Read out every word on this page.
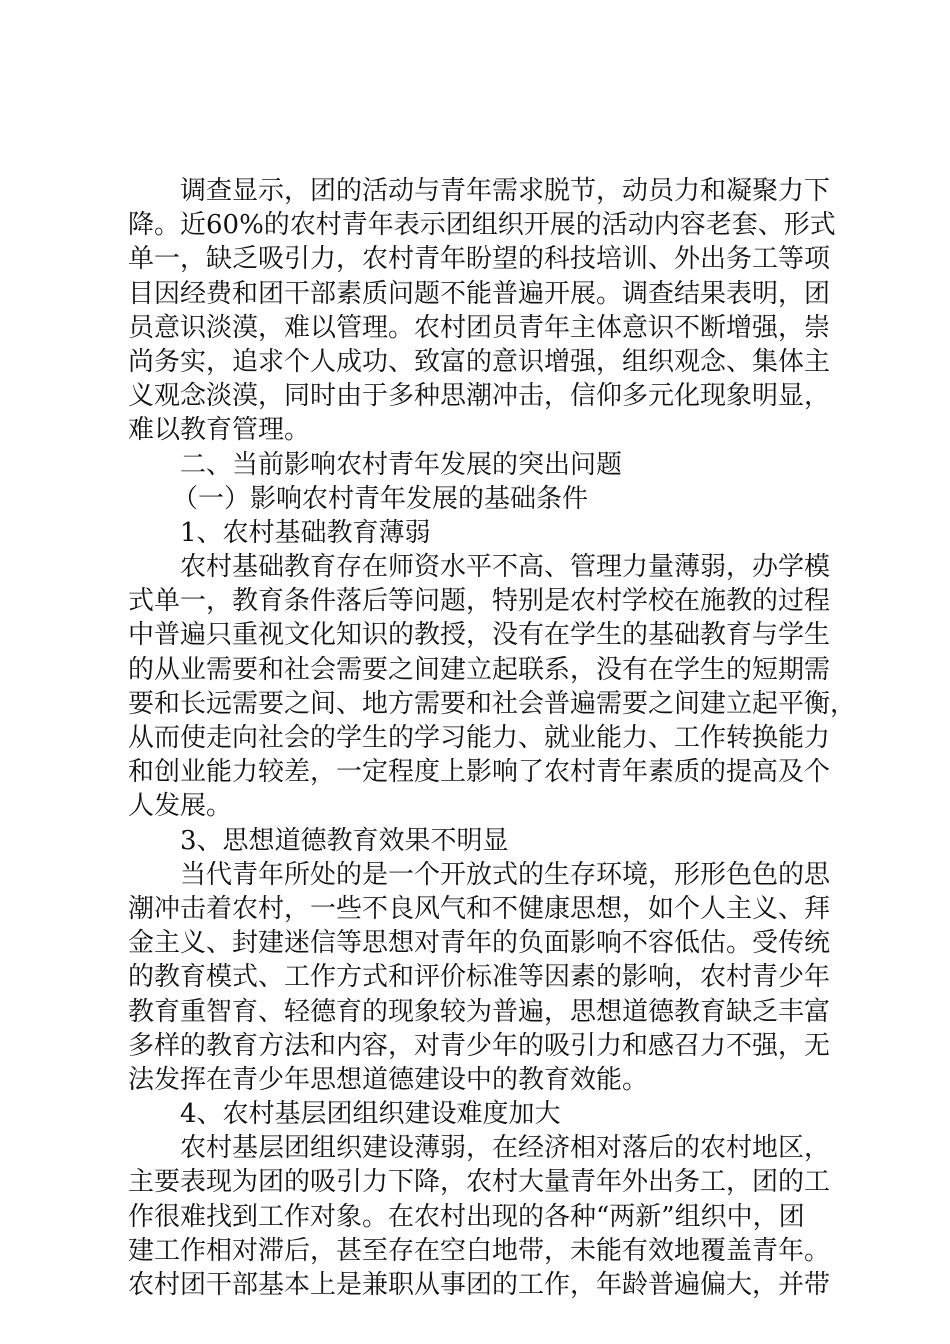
调查显示，团的活动与青年需求脱节，动员力和凝聚力下
降。近60%的农村青年表示团组织开展的活动内容老套、形式
单一，缺乏吸引力，农村青年盼望的科技培训、外出务工等项
目因经费和团干部素质问题不能普遍开展。调查结果表明，团
员意识淡漠，难以管理。农村团员青年主体意识不断增强，崇
尚务实，追求个人成功、致富的意识增强，组织观念、集体主
义观念淡漠，同时由于多种思潮冲击，信仰多元化现象明显，
难以教育管理。
二、当前影响农村青年发展的突出问题
（一）影响农村青年发展的基础条件
1、农村基础教育薄弱
农村基础教育存在师资水平不高、管理力量薄弱，办学模
式单一，教育条件落后等问题，特别是农村学校在施教的过程
中普遍只重视文化知识的教授，没有在学生的基础教育与学生
的从业需要和社会需要之间建立起联系，没有在学生的短期需
要和长远需要之间、地方需要和社会普遍需要之间建立起平衡，
从而使走向社会的学生的学习能力、就业能力、工作转换能力
和创业能力较差，一定程度上影响了农村青年素质的提高及个
人发展。
3、思想道德教育效果不明显
当代青年所处的是一个开放式的生存环境，形形色色的思
潮冲击着农村，一些不良风气和不健康思想，如个人主义、拜
金主义、封建迷信等思想对青年的负面影响不容低估。受传统
的教育模式、工作方式和评价标准等因素的影响，农村青少年
教育重智育、轻德育的现象较为普遍，思想道德教育缺乏丰富
多样的教育方法和内容，对青少年的吸引力和感召力不强，无
法发挥在青少年思想道德建设中的教育效能。
4、农村基层团组织建设难度加大
农村基层团组织建设薄弱，在经济相对落后的农村地区，
主要表现为团的吸引力下降，农村大量青年外出务工，团的工
作很难找到工作对象。在农村出现的各种“两新”组织中，团
建工作相对滞后，甚至存在空白地带，未能有效地覆盖青年。
农村团干部基本上是兼职从事团的工作，年龄普遍偏大，并带
